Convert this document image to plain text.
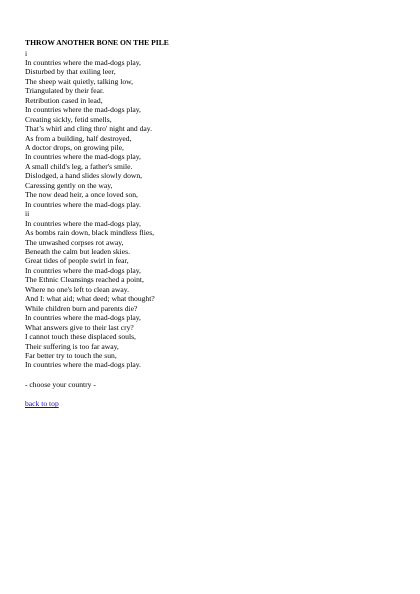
THROW ANOTHER BONE ON THE PILE
i
In countries where the mad-dogs play,
Disturbed by that exiling leer,
The sheep wait quietly, talking low,
Triangulated by their fear.
Retribution cased in lead,
In countries where the mad-dogs play,
Creating sickly, fetid smells,
That’s whirl and cling thro' night and day.
As from a building, half destroyed,
A doctor drops, on growing pile,
In countries where the mad-dogs play,
A small child's leg, a father's smile.
Dislodged, a hand slides slowly down,
Caressing gently on the way,
The now dead heir, a once loved son,
In countries where the mad-dogs play.
ii
In countries where the mad-dogs play,
As bombs rain down, black mindless flies,
The unwashed corpses rot away,
Beneath the calm but leaden skies.
Great tides of people swirl in fear,
In countries where the mad-dogs play,
The Ethnic Cleansings reached a point,
Where no one's left to clean away.
And I: what aid; what deed; what thought?
While children burn and parents die?
In countries where the mad-dogs play,
What answers give to their last cry?
I cannot touch these displaced souls,
Their suffering is too far away,
Far better try to touch the sun,
In countries where the mad-dogs play.
- choose your country -
back to top
